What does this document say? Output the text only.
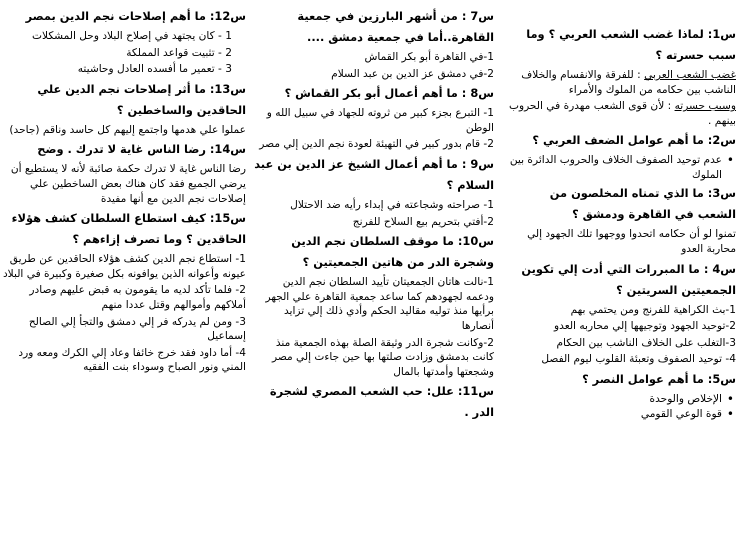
س1: لماذا غضب الشعب العربي ؟ وما سبب حسرته ؟
غضب الشعب العربي : للفرقة والانقسام والخلاف الناشب بين حكامه من الملوك والأمراء
وسبب حسرته : لأن قوى الشعب مهدرة في الحروب بينهم .
س2: ما أهم عوامل الضعف العربي ؟
• عدم توحيد الصفوف الخلاف والحروب الدائرة بين الملوك
س3: ما الذي تمناه المخلصون من الشعب في القاهرة ودمشق ؟
تمنوا لو أن حكامه اتحدوا ووجهوا تلك الجهود إلي محاربة العدو
س4 : ما المبررات التي أدت إلي تكوين الجمعيتين السريتين ؟
1-بث الكراهية للفرنج ومن يحتمي بهم
2-توحيد الجهود وتوجيهها إلي محاربه العدو
3-التغلب على الخلاف الناشب بين الحكام
4- توحيد الصفوف وتعبئة القلوب ليوم الفصل
س5: ما أهم عوامل النصر ؟
• الإخلاص والوحدة
• قوة الوعي القومي
س7 : من أشهر البارزين في جمعية القاهرة..أما في جمعية دمشق ....
1-في القاهرة أبو بكر القماش
2-في دمشق عز الدين بن عبد السلام
س8 : ما أهم أعمال أبو بكر القماش ؟
1- التبرع بجزء كبير من ثروته للجهاد في سبيل الله و الوطن
2- قام بدور كبير في التهيئة لعودة نجم الدين إلي مصر
س9 : ما أهم أعمال الشيخ عز الدين بن عبد السلام ؟
1- صراحته وشجاعته في إبداء رأيه ضد الاحتلال
2-أفتي بتحريم بيع السلاح للفرنج
س10: ما موقف السلطان نجم الدين وشجرة الدر من هاتين الجمعيتين ؟
1-نالت هاتان الجمعيتان تأييد السلطان نجم الدين ودعمه لجهودهم كما ساعد جمعية القاهرة علي الجهر برأيها منذ توليه مقاليد الحكم وأدي ذلك إلي تزايد أنصارها
2-وكانت شجرة الدر وثيقة الصلة بهذه الجمعية منذ كانت بدمشق وزادت صلتها بها حين جاءت إلي مصر وشجعتها وأمدتها بالمال
س11: علل: حب الشعب المصري لشجرة الدر .
س12: ما أهم إصلاحات نجم الدين بمصر
1 - كان يجتهد في إصلاح البلاد وحل المشكلات
2 - تثبيت قواعد المملكة
3 - تعمير ما أفسده العادل وحاشيته
س13: ما أثر إصلاحات نجم الدين علي الحاقدين والساخطين ؟
عملوا علي هدمها واجتمع إليهم كل حاسد وناقم (جاحد)
س14: رضا الناس غاية لا تدرك . وضح
رضا الناس غاية لا تدرك حكمة صائبة لأنه لا يستطيع أن يرضي الجميع فقد كان هناك بعض الساخطين علي إصلاحات نجم الدين مع أنها مفيدة
س15: كيف استطاع السلطان كشف هؤلاء الحاقدين ؟ وما تصرف إزاءهم ؟
1- استطاع نجم الدين كشف هؤلاء الحاقدين عن طريق عيونه وأعوانه الذين يوافونه بكل صغيرة وكبيرة في البلاد
2- فلما تأكد لديه ما يقومون به قبض عليهم وصادر أملاكهم وأموالهم وقتل عددا منهم
3- ومن لم يدركه فر إلي دمشق والتجأ إلي الصالح إسماعيل
4- أما داود فقد خرج خائفا وعاد إلي الكرك ومعه ورد المني ونور الصباح وسوداء بنت الفقيه
